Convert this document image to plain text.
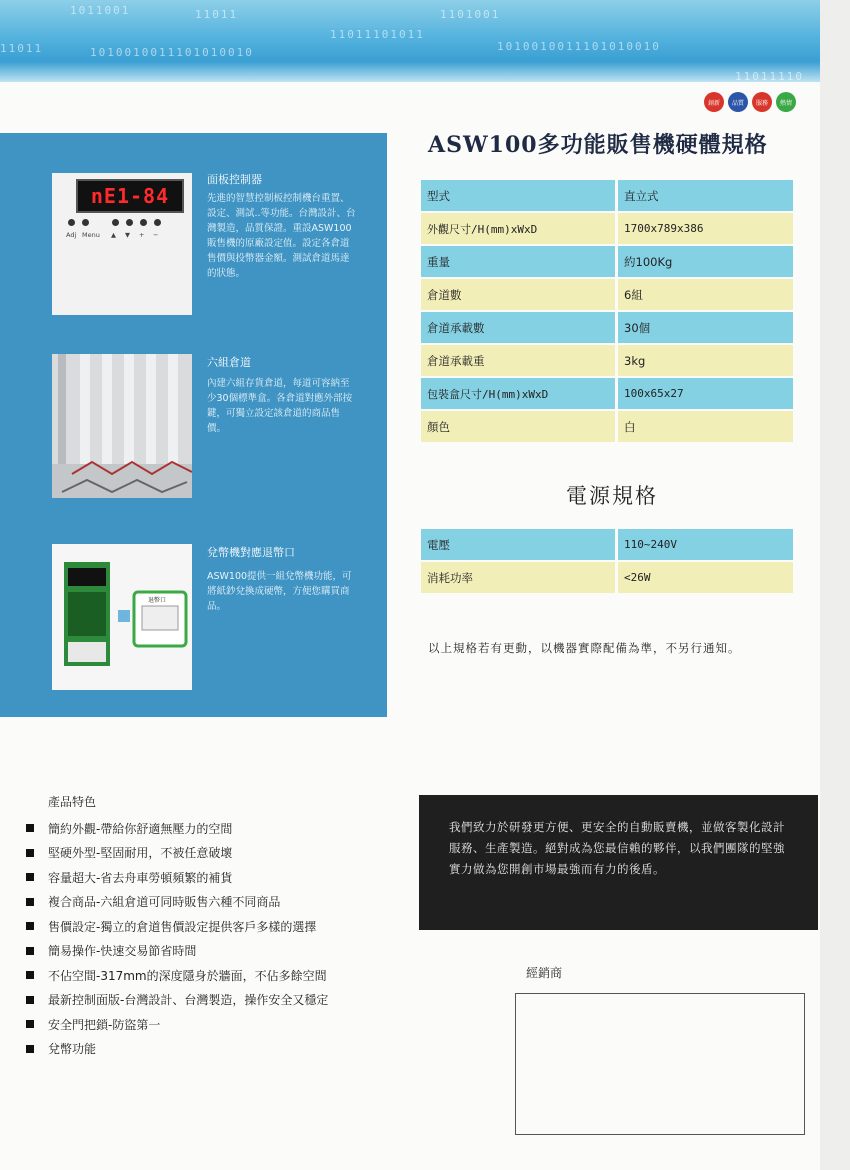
1011001	11011
11011101011
1010010011101010010
11011
1101001
1010010011101010010
11011110
創新	品質	服務	熱情
nE1-84
Adj Menu ▲ ▼ + −
面板控制器
先進的智慧控制板控制機台重置、設定、測試..等功能。台灣設計、台灣製造，品質保證。重設ASW100販售機的原廠設定值。設定各倉道售價與投幣器金額。測試倉道馬達的狀態。
六組倉道
內建六組存貨倉道，每道可容納至少30個標準盒。各倉道對應外部按鍵，可獨立設定該倉道的商品售價。
退幣口
兌幣機對應退幣口
ASW100提供一組兌幣機功能，可將紙鈔兌換成硬幣，方便您購買商品。
ASW100多功能販售機硬體規格
型式	直立式
外觀尺寸/H(mm)xWxD	1700x789x386
重量	約100Kg
倉道數	6組
倉道承載數	30個
倉道承載重	3kg
包裝盒尺寸/H(mm)xWxD	100x65x27
顏色	白
電源規格
電壓	110~240V
消耗功率	<26W
以上規格若有更動，以機器實際配備為準，不另行通知。
產品特色
簡約外觀-帶給你舒適無壓力的空間
堅硬外型-堅固耐用，不被任意破壞
容量超大-省去舟車勞頓頻繁的補貨
複合商品-六組倉道可同時販售六種不同商品
售價設定-獨立的倉道售價設定提供客戶多樣的選擇
簡易操作-快速交易節省時間
不佔空間-317mm的深度隱身於牆面，不佔多餘空間
最新控制面版-台灣設計、台灣製造，操作安全又穩定
安全門把鎖-防盜第一
兌幣功能

我們致力於研發更方便、更安全的自動販賣機，並做客製化設計服務、生產製造。絕對成為您最信賴的夥伴，以我們團隊的堅強實力做為您開創市場最強而有力的後盾。

經銷商
